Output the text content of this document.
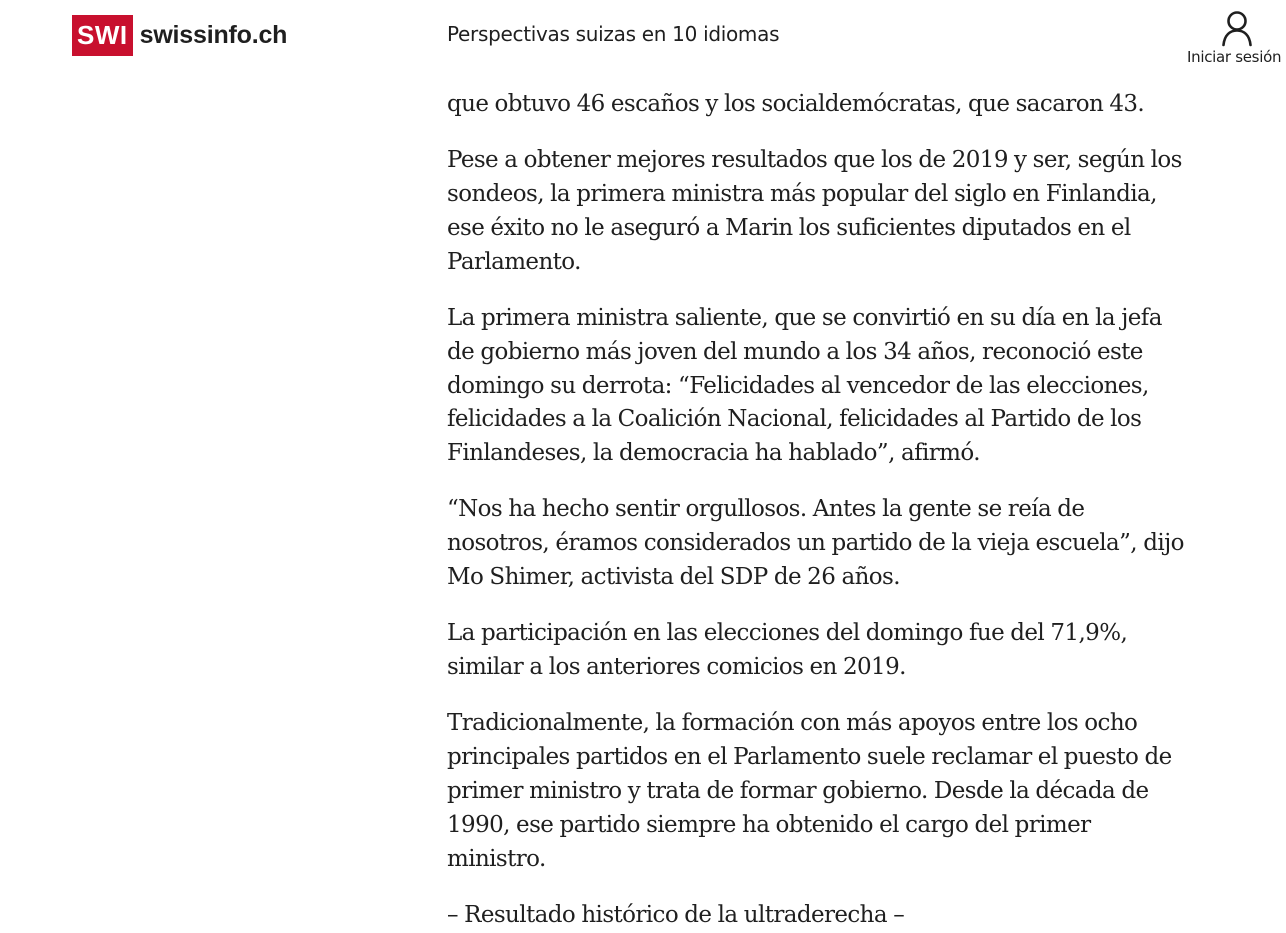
SWI swissinfo.ch	Perspectivas suizas en 10 idiomas
Iniciar sesión

que obtuvo 46 escaños y los socialdemócratas, que sacaron 43.

Pese a obtener mejores resultados que los de 2019 y ser, según los sondeos, la primera ministra más popular del siglo en Finlandia, ese éxito no le aseguró a Marin los suficientes diputados en el Parlamento.

La primera ministra saliente, que se convirtió en su día en la jefa de gobierno más joven del mundo a los 34 años, reconoció este domingo su derrota: “Felicidades al vencedor de las elecciones, felicidades a la Coalición Nacional, felicidades al Partido de los Finlandeses, la democracia ha hablado”, afirmó.

“Nos ha hecho sentir orgullosos. Antes la gente se reía de nosotros, éramos considerados un partido de la vieja escuela”, dijo Mo Shimer, activista del SDP de 26 años.

La participación en las elecciones del domingo fue del 71,9%, similar a los anteriores comicios en 2019.

Tradicionalmente, la formación con más apoyos entre los ocho principales partidos en el Parlamento suele reclamar el puesto de primer ministro y trata de formar gobierno. Desde la década de 1990, ese partido siempre ha obtenido el cargo del primer ministro.

– Resultado histórico de la ultraderecha –
